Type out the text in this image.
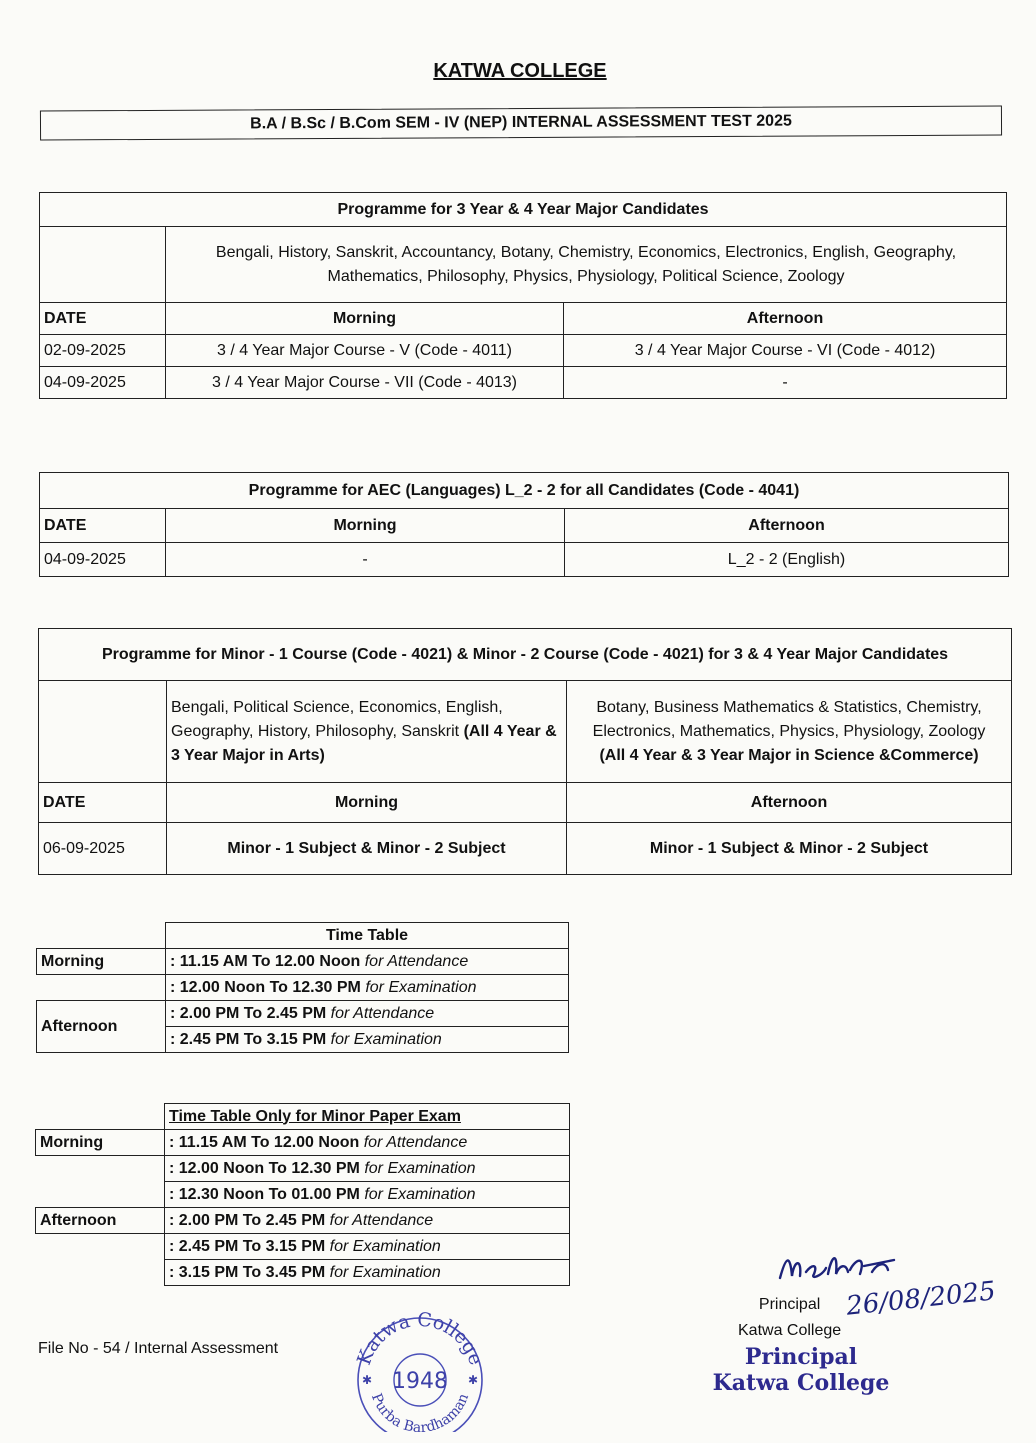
KATWA COLLEGE
B.A / B.Sc / B.Com SEM - IV (NEP) INTERNAL ASSESSMENT TEST 2025
Programme for 3 Year & 4 Year Major Candidates		
	Bengali, History, Sanskrit, Accountancy, Botany, Chemistry, Economics, Electronics, English, Geography, Mathematics, Philosophy, Physics, Physiology, Political Science, Zoology	
DATE	Morning	Afternoon
02-09-2025	3 / 4 Year Major Course - V (Code - 4011)	3 / 4 Year Major Course - VI (Code - 4012)
04-09-2025	3 / 4 Year Major Course - VII (Code - 4013)	-
Programme for AEC (Languages) L_2 - 2 for all Candidates (Code - 4041)		
DATE	Morning	Afternoon
04-09-2025	-	L_2 - 2 (English)
Programme for Minor - 1 Course (Code - 4021) & Minor - 2 Course (Code - 4021) for 3 & 4 Year Major Candidates		
	Bengali, Political Science, Economics, English, Geography, History, Philosophy, Sanskrit (All 4 Year & 3 Year Major in Arts)	Botany, Business Mathematics & Statistics, Chemistry, Electronics, Mathematics, Physics, Physiology, Zoology
(All 4 Year & 3 Year Major in Science &Commerce)
DATE	Morning	Afternoon
06-09-2025	Minor - 1 Subject & Minor - 2 Subject	Minor - 1 Subject & Minor - 2 Subject
	Time Table
Morning	: 11.15 AM To 12.00 Noon for Attendance
	: 12.00 Noon To 12.30 PM for Examination
Afternoon	: 2.00 PM To 2.45 PM for Attendance
	: 2.45 PM To 3.15 PM for Examination
	Time Table Only for Minor Paper Exam
Morning	: 11.15 AM To 12.00 Noon for Attendance
	: 12.00 Noon To 12.30 PM for Examination
	: 12.30 Noon To 01.00 PM for Examination
Afternoon	: 2.00 PM To 2.45 PM for Attendance
	: 2.45 PM To 3.15 PM for Examination
	: 3.15 PM To 3.45 PM for Examination
File No - 54 / Internal Assessment	Katwa College
Purba Bardhaman
1948
✱	✱
26/08/2025
Principal
Katwa College
Principal
Katwa College
